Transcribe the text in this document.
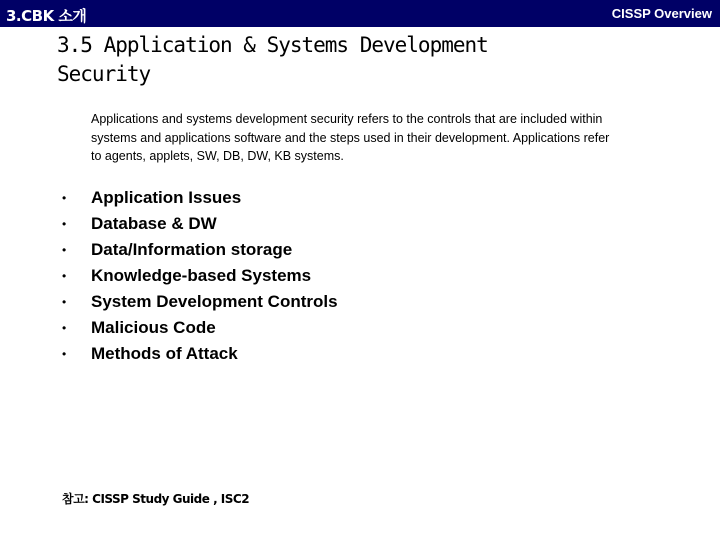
3.CBK 소개	CISSP Overview
3.5 Application & Systems Development Security
Applications and systems development security refers to the controls that are included within systems and applications software and the steps used in their development. Applications refer to agents, applets, SW, DB, DW, KB systems.
• Application Issues
• Database & DW
• Data/Information storage
• Knowledge-based Systems
• System Development Controls
• Malicious Code
• Methods of Attack
참고: CISSP Study Guide , ISC2
